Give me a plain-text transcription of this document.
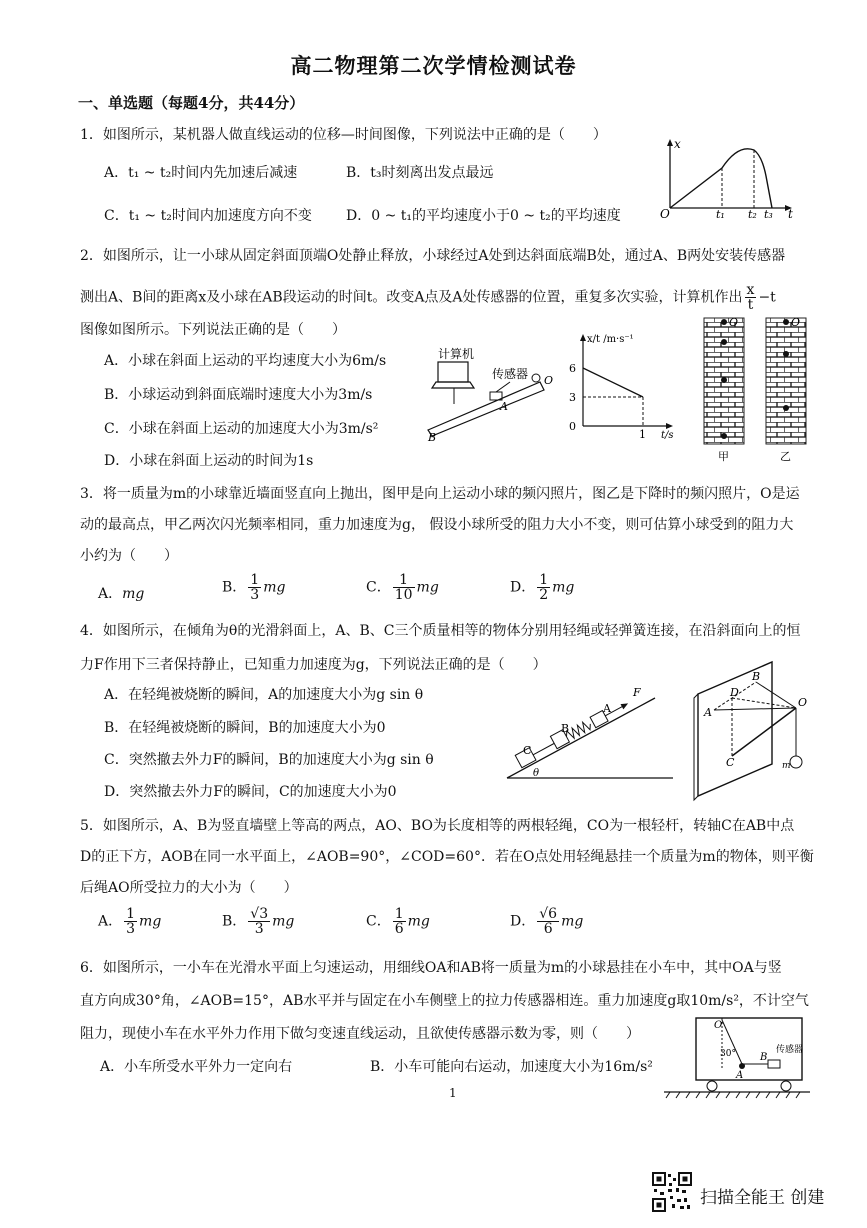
高二物理第二次学情检测试卷
一、单选题（每题4分，共44分）
1．如图所示，某机器人做直线运动的位移—时间图像，下列说法中正确的是（　　）
A．t₁ ~ t₂时间内先加速后减速	B．t₃时刻离出发点最远
C．t₁ ~ t₂时间内加速度方向不变 D．0 ~ t₁的平均速度小于0 ~ t₂的平均速度
x
O	t
t₁ t₂ t₃
2．如图所示，让一小球从固定斜面顶端O处静止释放，小球经过A处到达斜面底端B处，通过A、B两处安装传感器
测出A、B间的距离x及小球在AB段运动的时间t。改变A点及A处传感器的位置，重复多次实验，计算机作出 $\frac{x}{t} -t$
图像如图所示。下列说法正确的是（　　）
A．小球在斜面上运动的平均速度大小为6m/s
B．小球运动到斜面底端时速度大小为3m/s
C．小球在斜面上运动的加速度大小为3m/s²
D．小球在斜面上运动的时间为1s
计算机
传感器
A
B
O
x/t /m·s⁻¹
6
3
0
1 t/s
O	O
甲	乙
3．将一质量为m的小球靠近墙面竖直向上抛出，图甲是向上运动小球的频闪照片，图乙是下降时的频闪照片，O是运
动的最高点，甲乙两次闪光频率相同，重力加速度为g， 假设小球所受的阻力大小不变，则可估算小球受到的阻力大
小约为（　　）
A．mg	B． $\frac{1}{3}$ mg	C． $\frac{1}{10}$ mg	D． $\frac{1}{2}$ mg
4．如图所示，在倾角为θ的光滑斜面上，A、B、C三个质量相等的物体分别用轻绳或轻弹簧连接，在沿斜面向上的恒
力F作用下三者保持静止，已知重力加速度为g，下列说法正确的是（　　）
A．在轻绳被烧断的瞬间，A的加速度大小为g sin θ
B．在轻绳被烧断的瞬间，B的加速度大小为0
C．突然撤去外力F的瞬间，B的加速度大小为g sin θ
D．突然撤去外力F的瞬间，C的加速度大小为0
C
B
A
F
θ
A
B
D
C
O
m
5．如图所示，A、B为竖直墙壁上等高的两点，AO、BO为长度相等的两根轻绳，CO为一根轻杆，转轴C在AB中点
D的正下方，AOB在同一水平面上，∠AOB=90°，∠COD=60°．若在O点处用轻绳悬挂一个质量为m的物体，则平衡
后绳AO所受拉力的大小为（　　）
A． $\frac{1}{3}$ mg	B． $\frac{√3}{3}$ mg	C． $\frac{1}{6}$ mg	D． $\frac{√6}{6}$ mg
6．如图所示，一小车在光滑水平面上匀速运动，用细线OA和AB将一质量为m的小球悬挂在小车中，其中OA与竖
直方向成30°角，∠AOB=15°，AB水平并与固定在小车侧壁上的拉力传感器相连。重力加速度g取10m/s²，不计空气
阻力，现使小车在水平外力作用下做匀变速直线运动，且欲使传感器示数为零，则（　　）
A．小车所受水平外力一定向右	B．小车可能向右运动，加速度大小为16m/s²
O
30°
A
B
传感器
1
扫描全能王 创建
